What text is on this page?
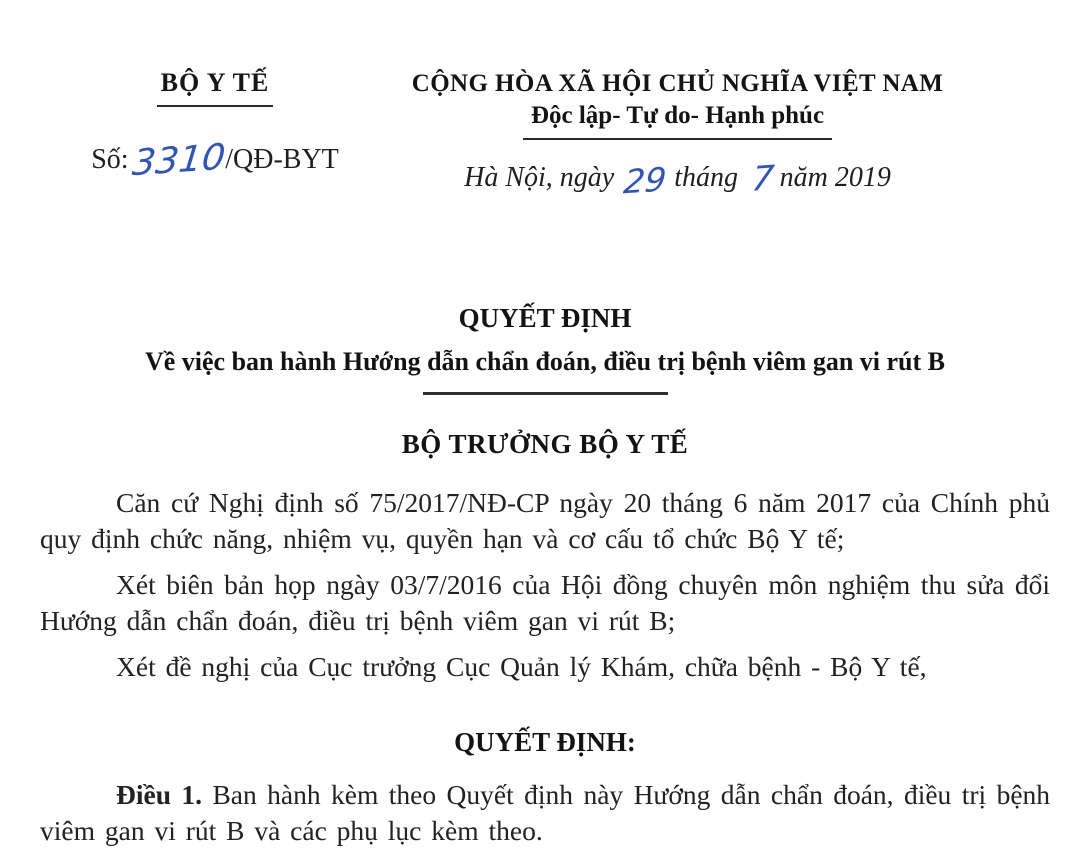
BỘ Y TẾ
Số:3310/QĐ-BYT
CỘNG HÒA XÃ HỘI CHỦ NGHĨA VIỆT NAM
Độc lập- Tự do- Hạnh phúc
Hà Nội, ngày 29 tháng 7 năm 2019
QUYẾT ĐỊNH
Về việc ban hành Hướng dẫn chẩn đoán, điều trị bệnh viêm gan vi rút B
BỘ TRƯỞNG BỘ Y TẾ

Căn cứ Nghị định số 75/2017/NĐ-CP ngày 20 tháng 6 năm 2017 của Chính phủ quy định chức năng, nhiệm vụ, quyền hạn và cơ cấu tổ chức Bộ Y tế;

Xét biên bản họp ngày 03/7/2016 của Hội đồng chuyên môn nghiệm thu sửa đổi Hướng dẫn chẩn đoán, điều trị bệnh viêm gan vi rút B;

Xét đề nghị của Cục trưởng Cục Quản lý Khám, chữa bệnh - Bộ Y tế,

QUYẾT ĐỊNH:

Điều 1. Ban hành kèm theo Quyết định này Hướng dẫn chẩn đoán, điều trị bệnh viêm gan vi rút B và các phụ lục kèm theo.
